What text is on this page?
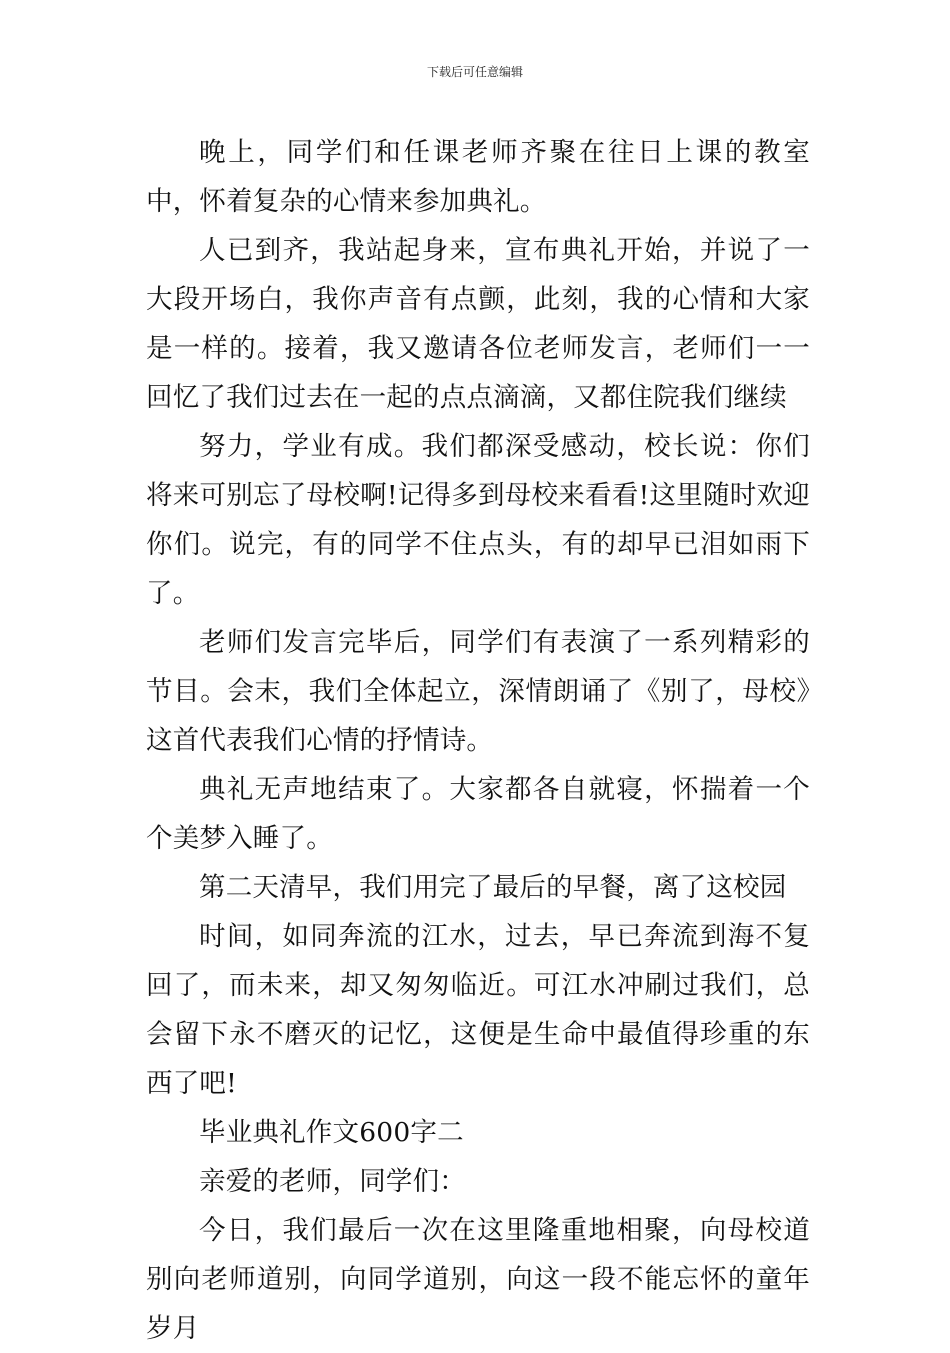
下载后可任意编辑

晚上，同学们和任课老师齐聚在往日上课的教室中，怀着复杂的心情来参加典礼。

人已到齐，我站起身来，宣布典礼开始，并说了一大段开场白，我你声音有点颤，此刻，我的心情和大家是一样的。接着，我又邀请各位老师发言，老师们一一回忆了我们过去在一起的点点滴滴，又都住院我们继续

努力，学业有成。我们都深受感动，校长说：你们将来可别忘了母校啊!记得多到母校来看看!这里随时欢迎你们。说完，有的同学不住点头，有的却早已泪如雨下了。

老师们发言完毕后，同学们有表演了一系列精彩的节目。会末，我们全体起立，深情朗诵了《别了，母校》这首代表我们心情的抒情诗。

典礼无声地结束了。大家都各自就寝，怀揣着一个个美梦入睡了。

第二天清早，我们用完了最后的早餐，离了这校园

时间，如同奔流的江水，过去，早已奔流到海不复回了，而未来，却又匆匆临近。可江水冲刷过我们，总会留下永不磨灭的记忆，这便是生命中最值得珍重的东西了吧!

毕业典礼作文600字二

亲爱的老师，同学们：

今日，我们最后一次在这里隆重地相聚，向母校道别向老师道别，向同学道别，向这一段不能忘怀的童年岁月
